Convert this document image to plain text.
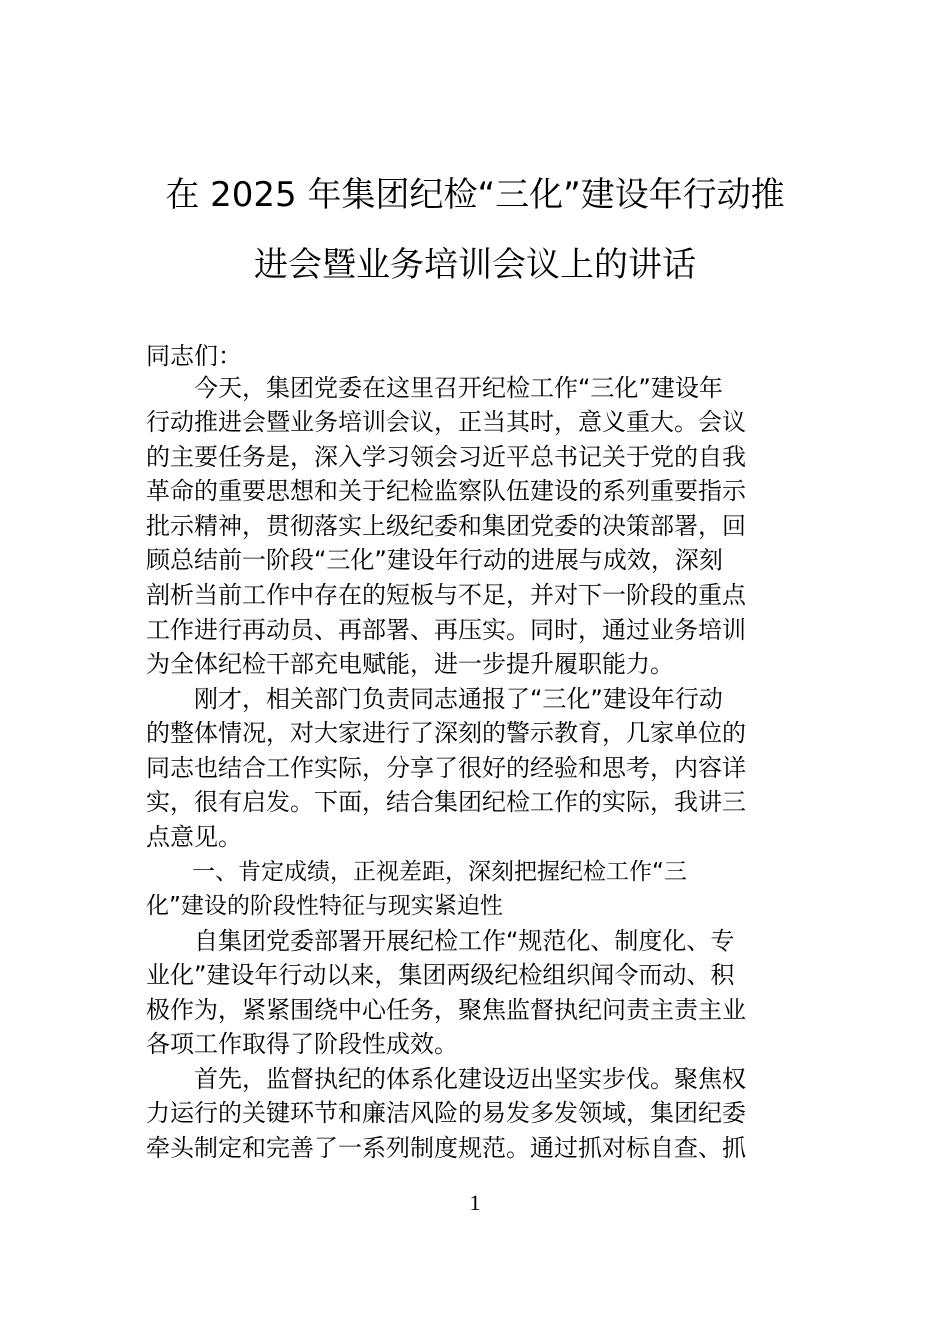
在 2025 年集团纪检“三化”建设年行动推
进会暨业务培训会议上的讲话
同志们：
　　今天，集团党委在这里召开纪检工作“三化”建设年
行动推进会暨业务培训会议，正当其时，意义重大。会议
的主要任务是，深入学习领会习近平总书记关于党的自我
革命的重要思想和关于纪检监察队伍建设的系列重要指示
批示精神，贯彻落实上级纪委和集团党委的决策部署，回
顾总结前一阶段“三化”建设年行动的进展与成效，深刻
剖析当前工作中存在的短板与不足，并对下一阶段的重点
工作进行再动员、再部署、再压实。同时，通过业务培训
为全体纪检干部充电赋能，进一步提升履职能力。
　　刚才，相关部门负责同志通报了“三化”建设年行动
的整体情况，对大家进行了深刻的警示教育，几家单位的
同志也结合工作实际，分享了很好的经验和思考，内容详
实，很有启发。下面，结合集团纪检工作的实际，我讲三
点意见。
　　一、肯定成绩，正视差距，深刻把握纪检工作“三
化”建设的阶段性特征与现实紧迫性
　　自集团党委部署开展纪检工作“规范化、制度化、专
业化”建设年行动以来，集团两级纪检组织闻令而动、积
极作为，紧紧围绕中心任务，聚焦监督执纪问责主责主业
各项工作取得了阶段性成效。
　　首先，监督执纪的体系化建设迈出坚实步伐。聚焦权
力运行的关键环节和廉洁风险的易发多发领域，集团纪委
牵头制定和完善了一系列制度规范。通过抓对标自查、抓
1
